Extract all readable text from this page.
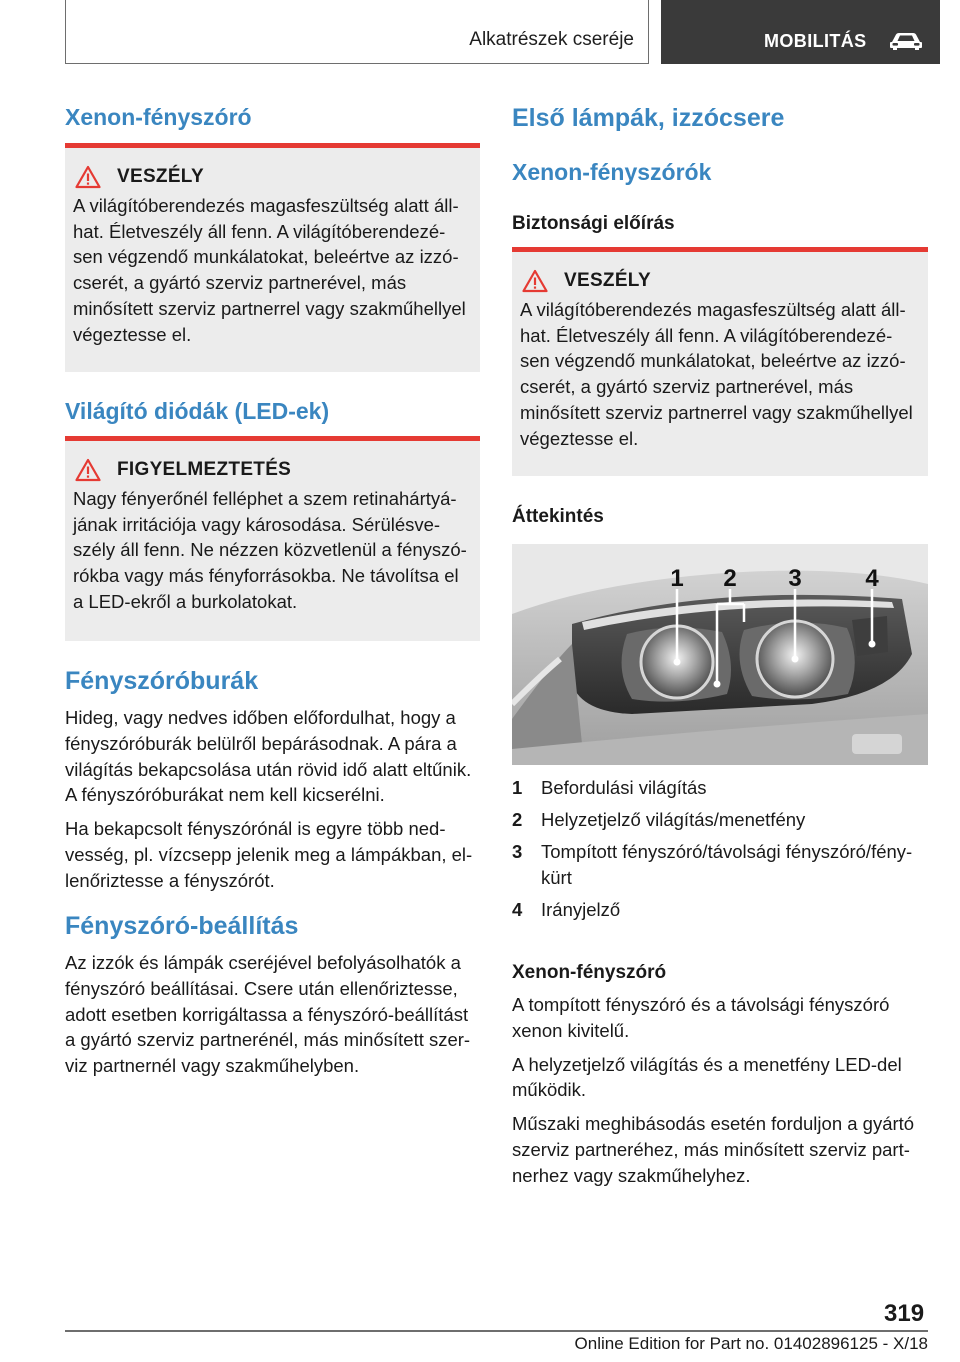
Alkatrészek cseréje	MOBILITÁS
Xenon-fényszóró
VESZÉLY
A világítóberendezés magasfeszültség alatt áll-
hat. Életveszély áll fenn. A világítóberendezé-
sen végzendő munkálatokat, beleértve az izzó-
cserét, a gyártó szerviz partnerével, más
minősített szerviz partnerrel vagy szakműhellyel
végeztesse el.
Világító diódák (LED-ek)
FIGYELMEZTETÉS
Nagy fényerőnél felléphet a szem retinahártyá-
jának irritációja vagy károsodása. Sérülésve-
szély áll fenn. Ne nézzen közvetlenül a fényszó-
rókba vagy más fényforrásokba. Ne távolítsa el
a LED-ekről a burkolatokat.
Fényszóróburák
Hideg, vagy nedves időben előfordulhat, hogy a
fényszóróburák belülről bepárásodnak. A pára a
világítás bekapcsolása után rövid idő alatt eltűnik.
A fényszóróburákat nem kell kicserélni.
Ha bekapcsolt fényszórónál is egyre több ned-
vesség, pl. vízcsepp jelenik meg a lámpákban, el-
lenőriztesse a fényszórót.
Fényszóró-beállítás
Az izzók és lámpák cseréjével befolyásolhatók a
fényszóró beállításai. Csere után ellenőriztesse,
adott esetben korrigáltassa a fényszóró-beállítást
a gyártó szerviz partnerénél, más minősített szer-
viz partnernél vagy szakműhelyben.
Első lámpák, izzócsere
Xenon-fényszórók
Biztonsági előírás
VESZÉLY
A világítóberendezés magasfeszültség alatt áll-
hat. Életveszély áll fenn. A világítóberendezé-
sen végzendő munkálatokat, beleértve az izzó-
cserét, a gyártó szerviz partnerével, más
minősített szerviz partnerrel vagy szakműhellyel
végeztesse el.
Áttekintés
1 2 3	4
1	Befordulási világítás
2	Helyzetjelző világítás/menetfény
3	Tompított fényszóró/távolsági fényszóró/fény-
kürt
4	Irányjelző
Xenon-fényszóró
A tompított fényszóró és a távolsági fényszóró
xenon kivitelű.
A helyzetjelző világítás és a menetfény LED-del
működik.
Műszaki meghibásodás esetén forduljon a gyártó
szerviz partneréhez, más minősített szerviz part-
nerhez vagy szakműhelyhez.
319
Online Edition for Part no. 01402896125 - X/18
